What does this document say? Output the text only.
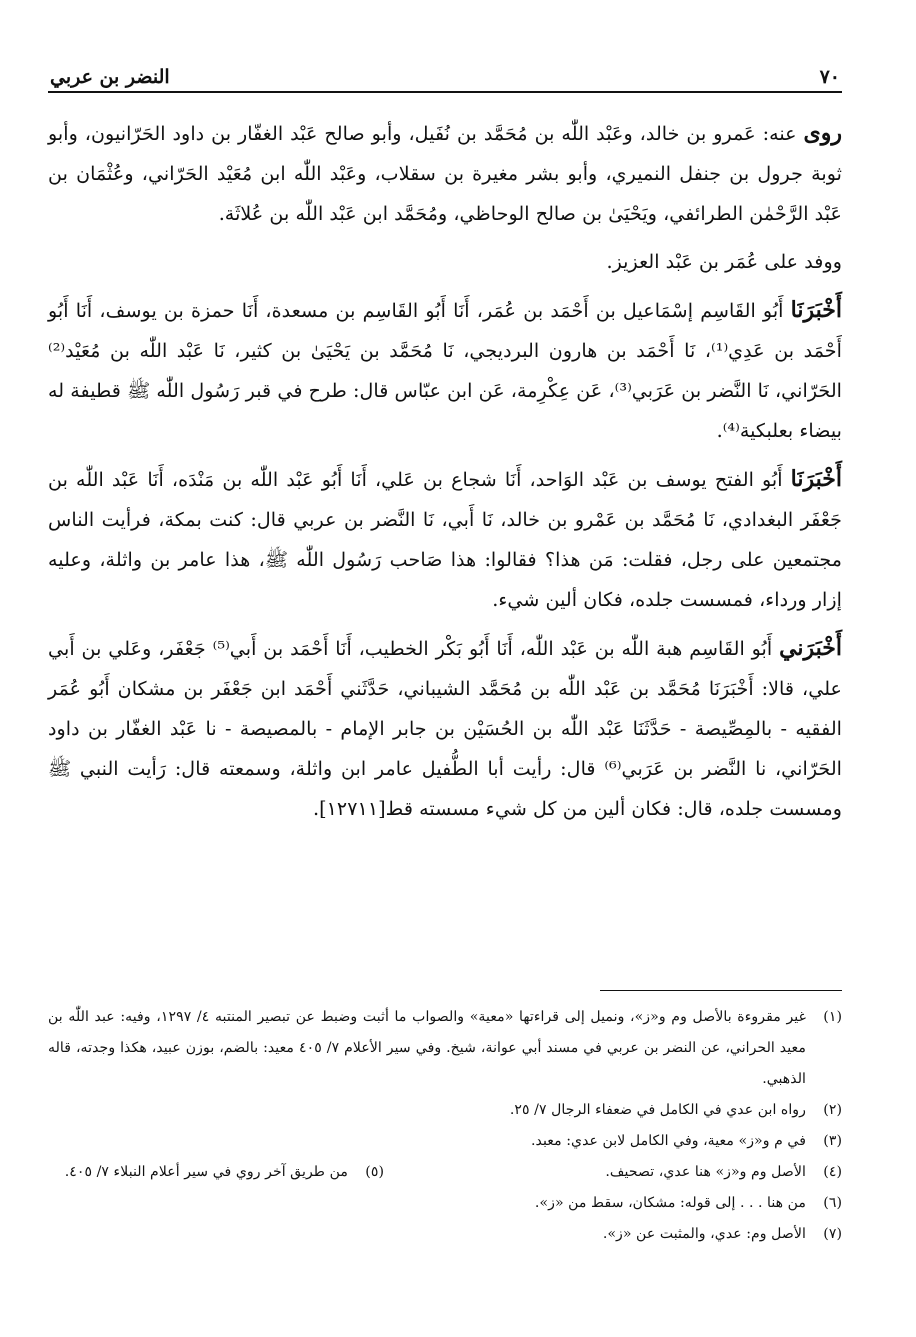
٧٠
النضر بن عربي

روى عنه: عَمرو بن خالد، وعَبْد اللّٰه بن مُحَمَّد بن نُفَيل، وأبو صالح عَبْد الغفّار بن داود الحَرّانيون، وأبو ثوبة جرول بن جنفل النميري، وأبو بشر مغيرة بن سقلاب، وعَبْد اللّٰه ابن مُعَيْد الحَرّاني، وعُثْمَان بن عَبْد الرَّحْمٰن الطرائفي، ويَحْيَىٰ بن صالح الوحاظي، ومُحَمَّد ابن عَبْد اللّٰه بن عُلاثَة.

ووفد على عُمَر بن عَبْد العزيز.

أَخْبَرَنَا أَبُو القَاسِم إسْمَاعيل بن أَحْمَد بن عُمَر، أَنَا أَبُو القَاسِم بن مسعدة، أَنَا حمزة بن يوسف، أَنَا أَبُو أَحْمَد بن عَدِي⁽¹⁾، نَا أَحْمَد بن هارون البرديجي، نَا مُحَمَّد بن يَحْيَىٰ بن كثير، نَا عَبْد اللّٰه بن مُعَيْد⁽²⁾ الحَرّاني، نَا النَّضر بن عَرَبي⁽³⁾، عَن عِكْرِمة، عَن ابن عبّاس قال: طرح في قبر رَسُول اللّٰه ﷺ قطيفة له بيضاء بعلبكية⁽⁴⁾.

أَخْبَرَنَا أَبُو الفتح يوسف بن عَبْد الوَاحد، أَنَا شجاع بن عَلي، أَنَا أَبُو عَبْد اللّٰه بن مَنْدَه، أَنَا عَبْد اللّٰه بن جَعْفَر البغدادي، نَا مُحَمَّد بن عَمْرو بن خالد، نَا أَبي، نَا النَّضر بن عربي قال: كنت بمكة، فرأيت الناس مجتمعين على رجل، فقلت: مَن هذا؟ فقالوا: هذا صَاحب رَسُول اللّٰه ﷺ، هذا عامر بن واثلة، وعليه إزار ورداء، فمسست جلده، فكان ألين شيء.

أَخْبَرَني أَبُو القَاسِم هبة اللّٰه بن عَبْد اللّٰه، أَنَا أَبُو بَكْر الخطيب، أَنَا أَحْمَد بن أَبي⁽⁵⁾ جَعْفَر، وعَلي بن أَبي علي، قالا: أَخْبَرَنَا مُحَمَّد بن عَبْد اللّٰه بن مُحَمَّد الشيباني، حَدَّثَني أَحْمَد ابن جَعْفَر بن مشكان أَبُو عُمَر الفقيه - بالمِصِّيصة - حَدَّثَنَا عَبْد اللّٰه بن الحُسَيْن بن جابر الإمام - بالمصيصة - نا عَبْد الغفّار بن داود الحَرّاني، نا النَّضر بن عَرَبي⁽⁶⁾ قال: رأيت أبا الطُّفيل عامر ابن واثلة، وسمعته قال: رَأيت النبي ﷺ ومسست جلده، قال: فكان ألين من كل شيء مسسته قط[١٢٧١١].

(١)
غير مقروءة بالأصل وم و«ز»، ونميل إلى قراءتها «معية» والصواب ما أثبت وضبط عن تبصير المنتبه ٤/ ١٢٩٧، وفيه: عبد اللّٰه بن معيد الحراني، عن النضر بن عربي في مسند أبي عوانة، شيخ. وفي سير الأعلام ٧/ ٤٠٥ معيد: بالضم، بوزن عبيد، هكذا وجدته، قاله الذهبي.
(٢)
رواه ابن عدي في الكامل في ضعفاء الرجال ٧/ ٢٥.
(٣)
في م و«ز» معية، وفي الكامل لابن عدي: معبد.
(٤)
الأصل وم و«ز» هنا عدي، تصحيف.
(٥)
من طريق آخر روي في سير أعلام النبلاء ٧/ ٤٠٥.
(٦)
من هنا . . . إلى قوله: مشكان، سقط من «ز».
(٧)
الأصل وم: عدي، والمثبت عن «ز».
